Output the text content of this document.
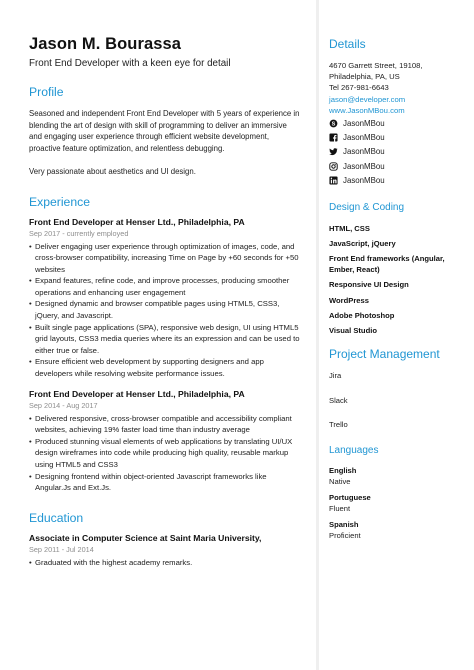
Jason M. Bourassa
Front End Developer with a keen eye for detail
Profile
Seasoned and independent Front End Developer with 5 years of experience in blending the art of design with skill of programming to deliver an immersive and engaging user experience through efficient website development, proactive feature optimization, and relentless debugging.
Very passionate about aesthetics and UI design.
Experience
Front End Developer at Henser Ltd., Philadelphia, PA
Sep 2017 - currently employed
• Deliver engaging user experience through optimization of images, code, and cross-browser compatibility, increasing Time on Page by +60 seconds for +50 websites
• Expand features, refine code, and improve processes, producing smoother operations and enhancing user engagement
• Designed dynamic and browser compatible pages using HTML5, CSS3, jQuery, and Javascript.
• Built single page applications (SPA), responsive web design, UI using HTML5 grid layouts, CSS3 media queries where its an expression and can be used to either true or false.
• Ensure efficient web development by supporting designers and app developers while resolving website performance issues.
Front End Developer at Henser Ltd., Philadelphia, PA
Sep 2014 - Aug 2017
• Delivered responsive, cross-browser compatible and accessibility compliant websites, achieving 19% faster load time than industry average
• Produced stunning visual elements of web applications by translating UI/UX design wireframes into code while producing high quality, reusable markup using HTML5 and CSS3
• Designing frontend within object-oriented Javascript frameworks like Angular.Js and Ext.Js.
Education
Associate in Computer Science at Saint Maria University,
Sep 2011 - Jul 2014
• Graduated with the highest academy remarks.
Details
4670 Garrett Street, 19108,
Philadelphia, PA, US
Tel 267-981-6643
jason@developer.com
www.JasonMBou.com
S JasonMBou
JasonMBou
JasonMBou
JasonMBou
JasonMBou
Design & Coding
HTML, CSS
JavaScript, jQuery
Front End frameworks (Angular, Ember, React)
Responsive UI Design
WordPress
Adobe Photoshop
Visual Studio
Project Management
Jira
Slack
Trello
Languages
English
Native
Portuguese
Fluent
Spanish
Proficient
